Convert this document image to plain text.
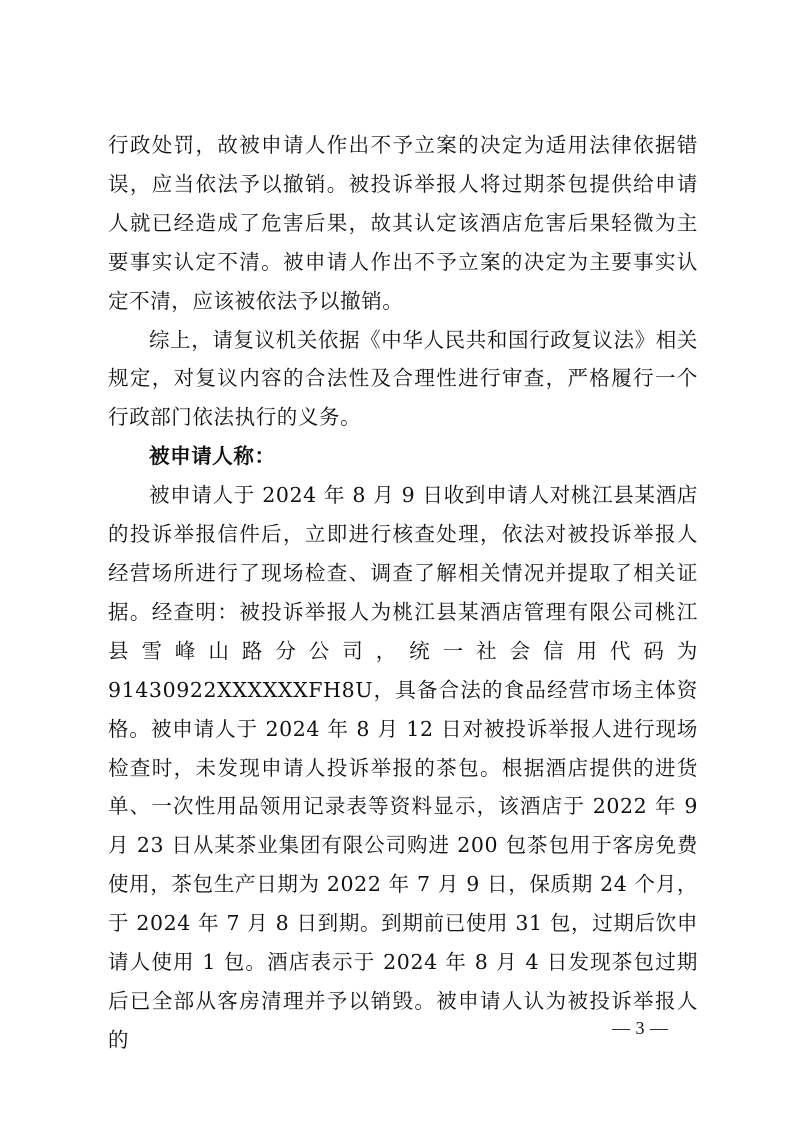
行政处罚，故被申请人作出不予立案的决定为适用法律依据错误，应当依法予以撤销。被投诉举报人将过期茶包提供给申请人就已经造成了危害后果，故其认定该酒店危害后果轻微为主要事实认定不清。被申请人作出不予立案的决定为主要事实认定不清，应该被依法予以撤销。

综上，请复议机关依据《中华人民共和国行政复议法》相关规定，对复议内容的合法性及合理性进行审查，严格履行一个行政部门依法执行的义务。

被申请人称：

被申请人于 2024 年 8 月 9 日收到申请人对桃江县某酒店的投诉举报信件后，立即进行核查处理，依法对被投诉举报人经营场所进行了现场检查、调查了解相关情况并提取了相关证据。经查明：被投诉举报人为桃江县某酒店管理有限公司桃江县雪峰山路分公司，统一社会信用代码为 91430922XXXXXXFH8U，具备合法的食品经营市场主体资格。被申请人于 2024 年 8 月 12 日对被投诉举报人进行现场检查时，未发现申请人投诉举报的茶包。根据酒店提供的进货单、一次性用品领用记录表等资料显示，该酒店于 2022 年 9 月 23 日从某茶业集团有限公司购进 200 包茶包用于客房免费使用，茶包生产日期为 2022 年 7 月 9 日，保质期 24 个月，于 2024 年 7 月 8 日到期。到期前已使用 31 包，过期后饮申请人使用 1 包。酒店表示于 2024 年 8 月 4 日发现茶包过期后已全部从客房清理并予以销毁。被申请人认为被投诉举报人的	— 3 —
